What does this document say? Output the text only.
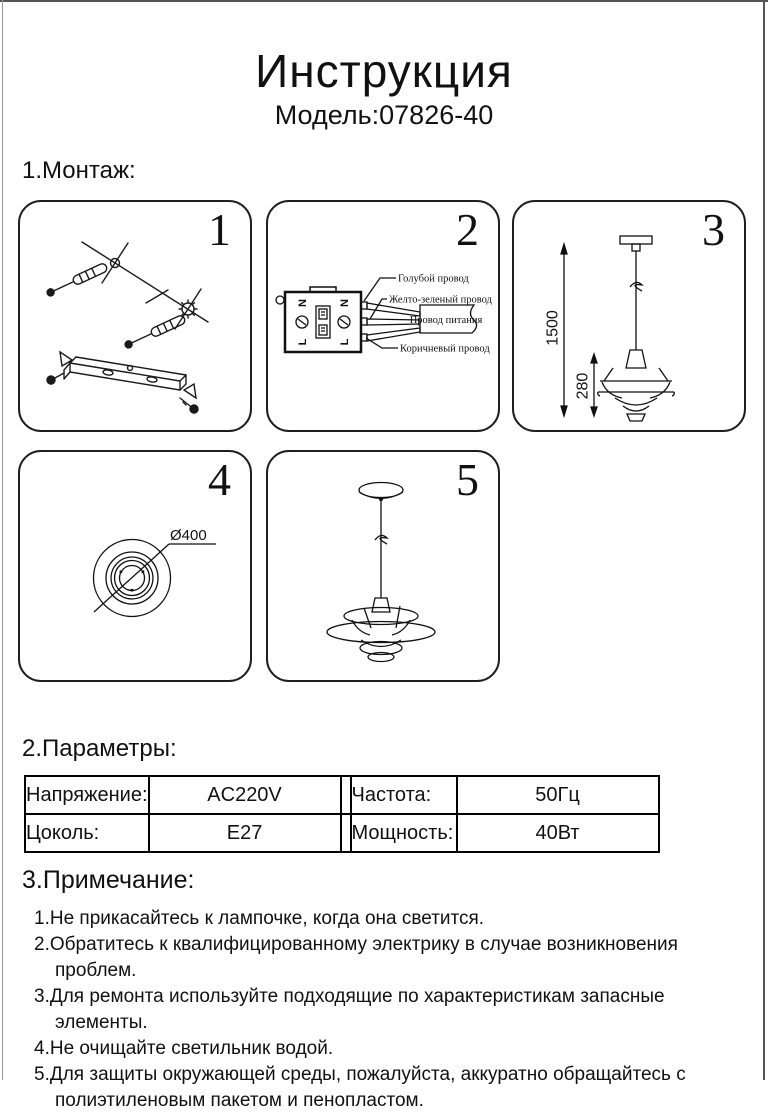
Инструкция
Модель:07826-40
1.Монтаж:
1
N
L
N
L
Голубой провод
Желто-зеленый провод
Провод питания
Коричневый провод
2
1500
280
3
Ø400
4	5
2.Параметры:
Напряжение:	AC220V		Частота:	50Гц
Цоколь:	E27		Мощность:	40Вт
3.Примечание:
1.Не прикасайтесь к лампочке, когда она светится.
2.Обратитесь к квалифицированному электрику в случае возникновения проблем.
3.Для ремонта используйте подходящие по характеристикам запасные элементы.
4.Не очищайте светильник водой.
5.Для защиты окружающей среды, пожалуйста, аккуратно обращайтесь с полиэтиленовым пакетом и пенопластом.
